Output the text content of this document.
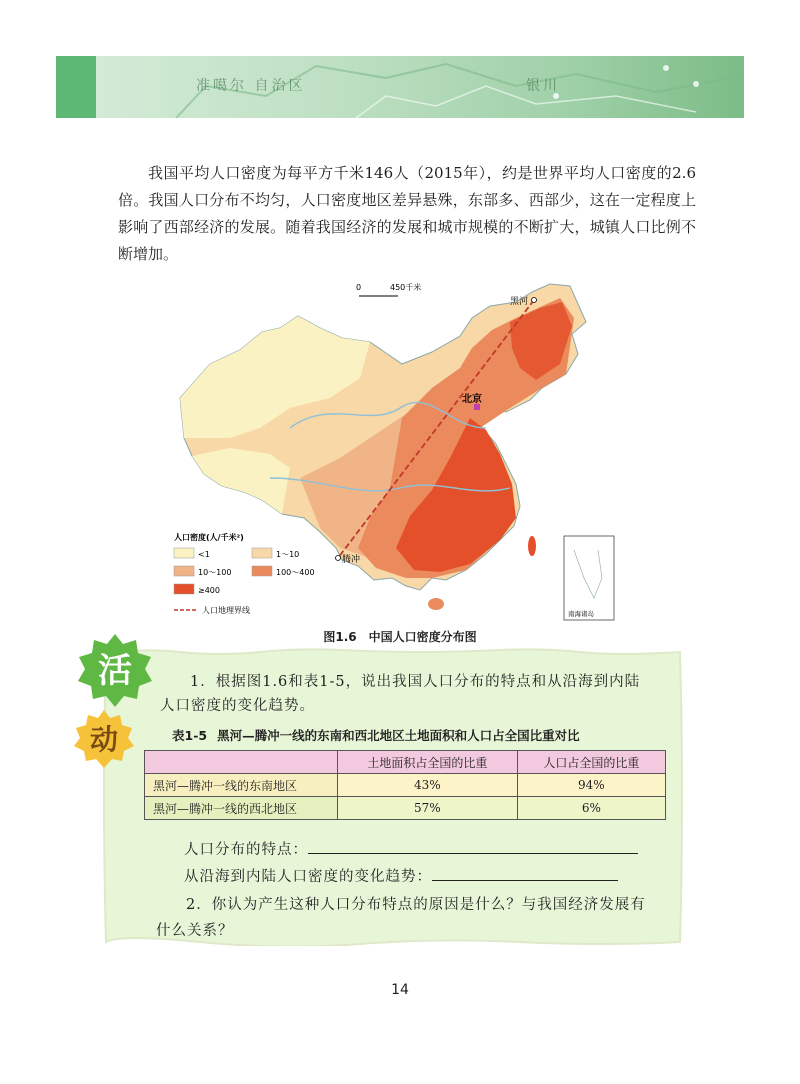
准噶尔 自治区	银川

我国平均人口密度为每平方千米146人（2015年），约是世界平均人口密度的2.6倍。我国人口分布不均匀，人口密度地区差异悬殊，东部多、西部少，这在一定程度上影响了西部经济的发展。随着我国经济的发展和城市规模的不断扩大，城镇人口比例不断增加。

0	450千米
黑河
腾冲
北京
南海诸岛
人口密度(人/千米²)
<1	1～10
10～100	100～400
≥400
人口地理界线
图1.6 中国人口密度分布图
活
动
1．根据图1.6和表1-5，说出我国人口分布的特点和从沿海到内陆
人口密度的变化趋势。
表1-5 黑河—腾冲一线的东南和西北地区土地面积和人口占全国比重对比
	土地面积占全国的比重	人口占全国的比重
黑河—腾冲一线的东南地区	43%	94%
黑河—腾冲一线的西北地区	57%	6%
人口分布的特点：
从沿海到内陆人口密度的变化趋势：
2．你认为产生这种人口分布特点的原因是什么？与我国经济发展有
什么关系？
14
